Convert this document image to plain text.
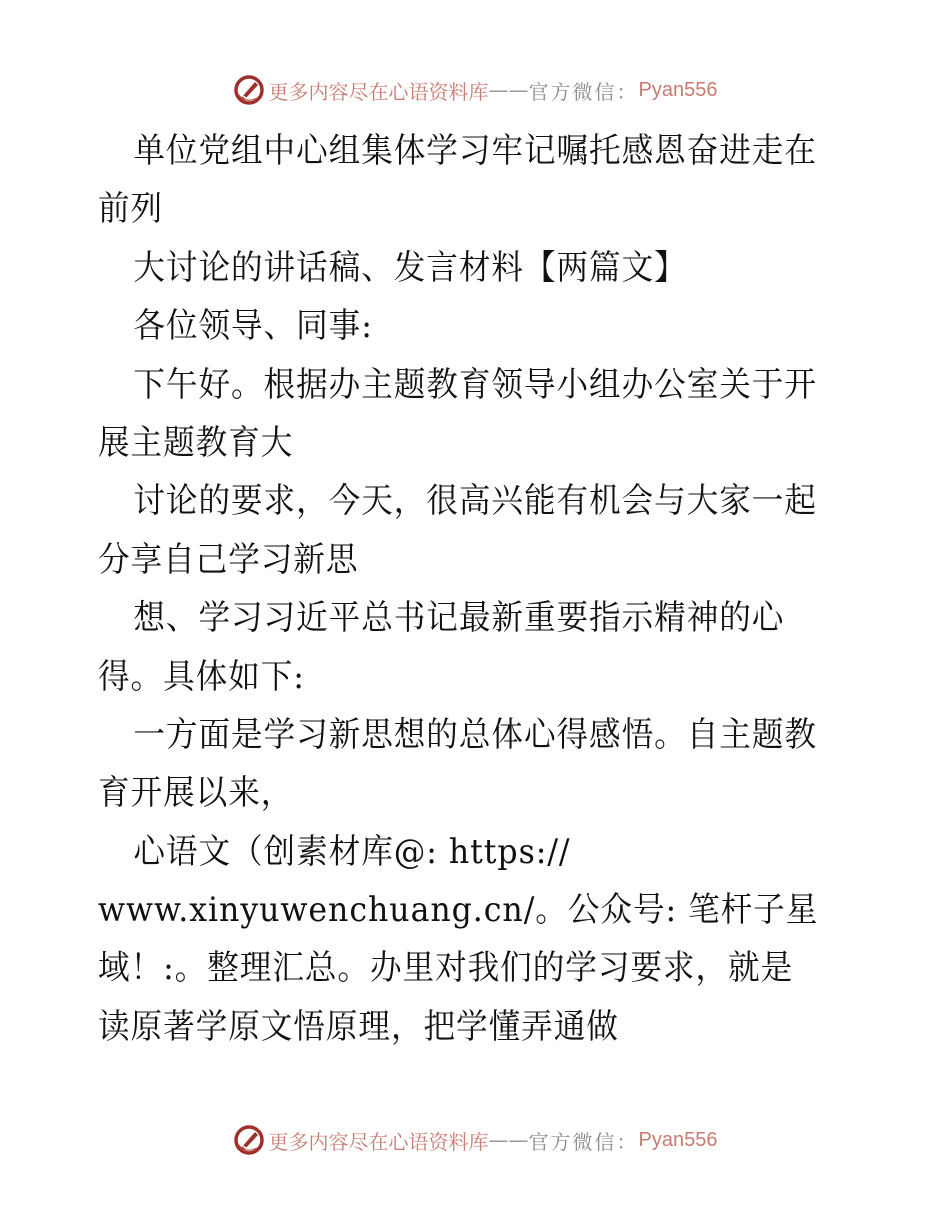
更多内容尽在心语资料库 —— 官方微信： Pyan556
单位党组中心组集体学习牢记嘱托感恩奋进走在
前列
大讨论的讲话稿、发言材料【两篇文】
各位领导、同事:
下午好。根据办主题教育领导小组办公室关于开
展主题教育大
讨论的要求，今天，很高兴能有机会与大家一起
分享自己学习新思
想、学习习近平总书记最新重要指示精神的心
得。具体如下:
一方面是学习新思想的总体心得感悟。自主题教
育开展以来，
心语文（创素材库@: https://
www.xinyuwenchuang.cn/。公众号: 笔杆子星
域！:。整理汇总。办里对我们的学习要求，就是
读原著学原文悟原理，把学懂弄通做
更多内容尽在心语资料库 —— 官方微信： Pyan556
